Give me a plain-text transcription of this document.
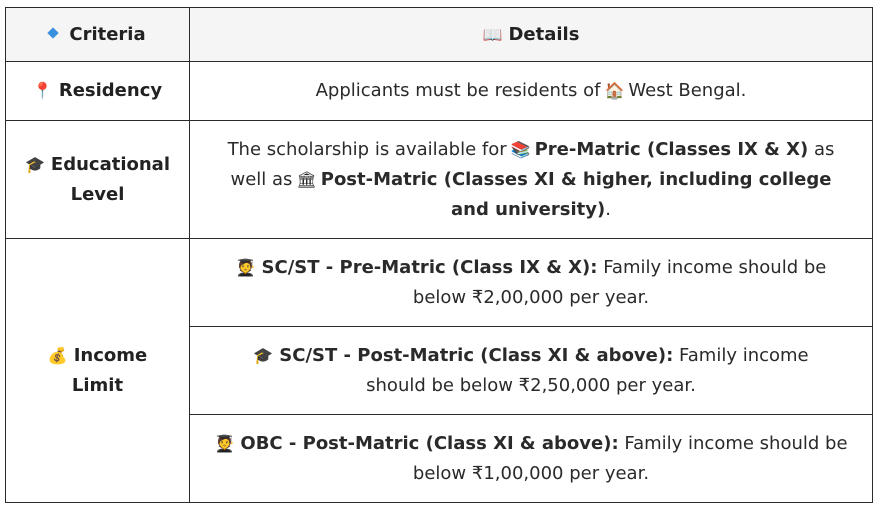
Criteria	📖 Details
📍 Residency	Applicants must be residents of 🏠 West Bengal.
🎓 Educational Level	The scholarship is available for 📚 Pre-Matric (Classes IX & X) as well as 🏛 Post-Matric (Classes XI & higher, including college and university).
💰 Income Limit	🧑‍🎓 SC/ST - Pre-Matric (Class IX & X): Family income should be below ₹2,00,000 per year.
	🎓 SC/ST - Post-Matric (Class XI & above): Family income should be below ₹2,50,000 per year.
	🧑‍🎓 OBC - Post-Matric (Class XI & above): Family income should be below ₹1,00,000 per year.
